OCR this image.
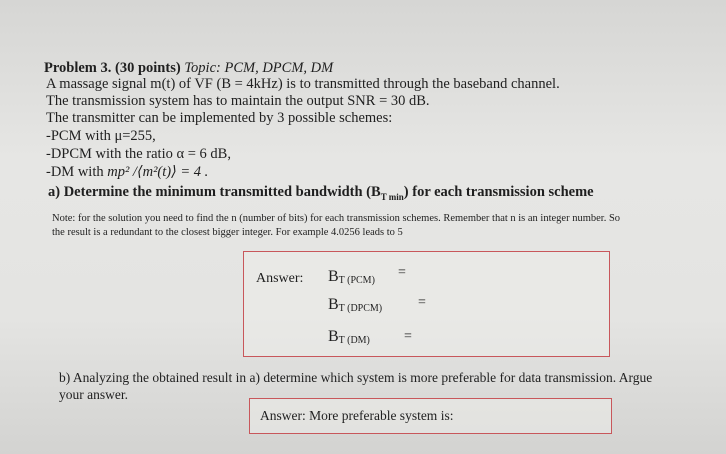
Problem 3. (30 points) Topic: PCM, DPCM, DM
A massage signal m(t) of VF (B = 4kHz) is to transmitted through the baseband channel.
The transmission system has to maintain the output SNR = 30 dB.
The transmitter can be implemented by 3 possible schemes:
-PCM with μ=255,
-DPCM with the ratio α = 6 dB,
-DM with mp² /⟨m²(t)⟩ = 4 .
a) Determine the minimum transmitted bandwidth $(B_{T min})$ for each transmission scheme
Note: for the solution you need to find the n (number of bits) for each transmission schemes. Remember that n is an integer number. So
the result is a redundant to the closest bigger integer. For example 4.0256 leads to 5
Answer: $B_{T (PCM)}$
=
$B_{T (DPCM)}$	=
$B_{T (DM)}$ =
b) Analyzing the obtained result in a) determine which system is more preferable for data transmission. Argue
your answer.
Answer: More preferable system is:
